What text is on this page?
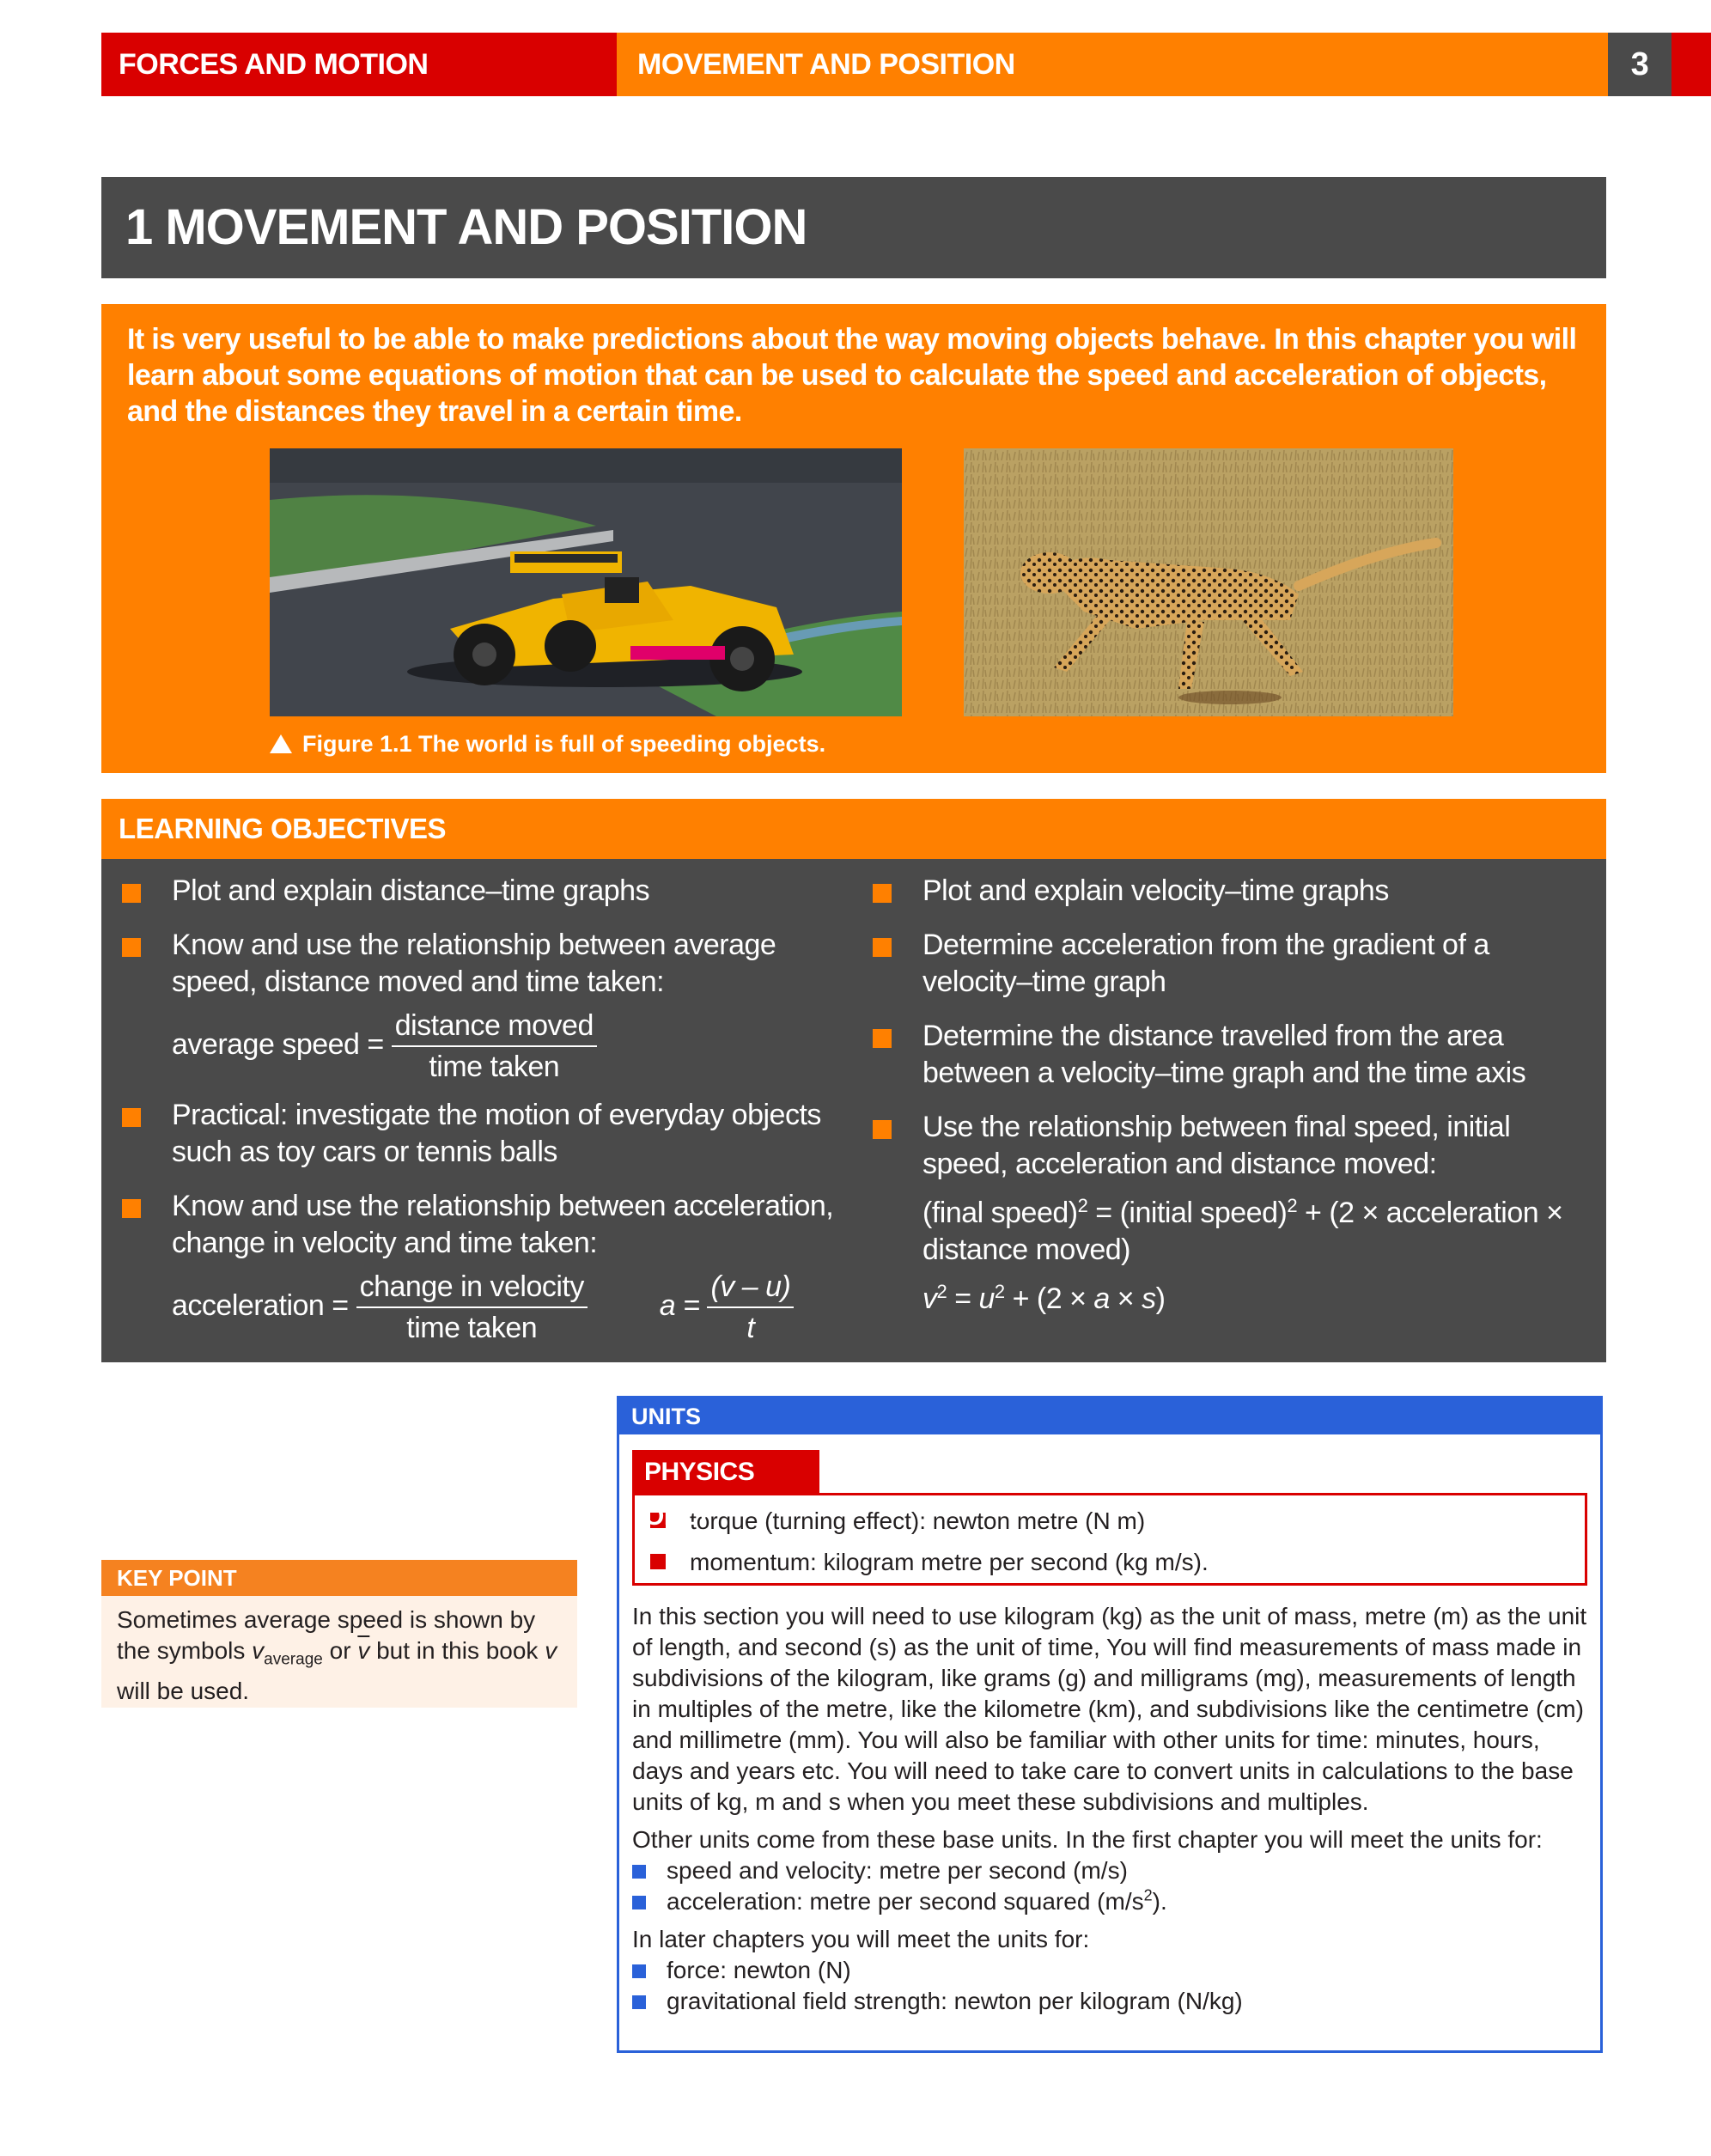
FORCES AND MOTION	MOVEMENT AND POSITION	3
1 MOVEMENT AND POSITION
It is very useful to be able to make predictions about the way moving objects behave. In this chapter you will learn about some equations of motion that can be used to calculate the speed and acceleration of objects, and the distances they travel in a certain time.
Figure 1.1 The world is full of speeding objects.
LEARNING OBJECTIVES
Plot and explain distance–time graphs
Know and use the relationship between average speed, distance moved and time taken:
average speed = $\frac{\text{distance moved}}{\text{time taken}}$
Practical: investigate the motion of everyday objects such as toy cars or tennis balls
Know and use the relationship between acceleration, change in velocity and time taken:
acceleration = $\frac{\text{change in velocity}}{\text{time taken}}$ $a = \frac{(v - u)}{t}$
Plot and explain velocity–time graphs
Determine acceleration from the gradient of a velocity–time graph
Determine the distance travelled from the area between a velocity–time graph and the time axis
Use the relationship between final speed, initial speed, acceleration and distance moved:
(final speed)$^2$ = (initial speed)$^2$ + (2 × acceleration × distance moved)
$v^2 = u^2 + (2 \times a \times s)$
KEY POINT
Sometimes average speed is shown by the symbols $v_{average}$ or $\overline{v}$ but in this book v will be used.
UNITS
torque (turning effect): newton metre (N m)
momentum: kilogram metre per second (kg m/s).
PHYSICS ONLY

In this section you will need to use kilogram (kg) as the unit of mass, metre (m) as the unit of length, and second (s) as the unit of time, You will find measurements of mass made in subdivisions of the kilogram, like grams (g) and milligrams (mg), measurements of length in multiples of the metre, like the kilometre (km), and subdivisions like the centimetre (cm) and millimetre (mm). You will also be familiar with other units for time: minutes, hours, days and years etc. You will need to take care to convert units in calculations to the base units of kg, m and s when you meet these subdivisions and multiples.

Other units come from these base units. In the first chapter you will meet the units for:

speed and velocity: metre per second (m/s)
acceleration: metre per second squared $(m/s^2)$.

In later chapters you will meet the units for:

force: newton (N)
gravitational field strength: newton per kilogram (N/kg)
